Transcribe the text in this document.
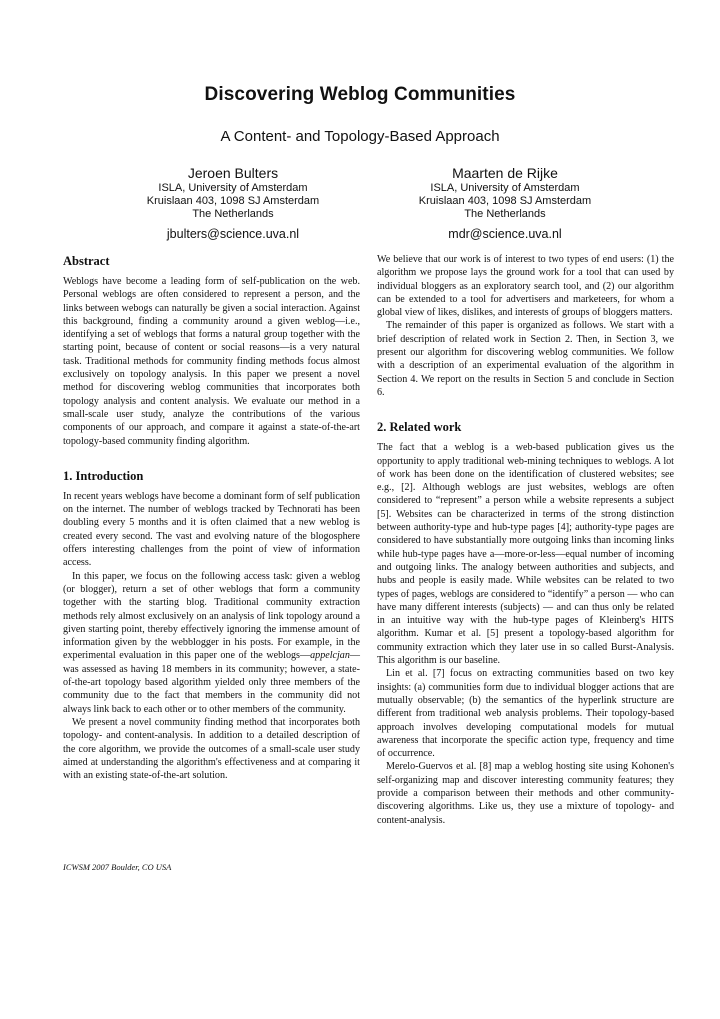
Discovering Weblog Communities
A Content- and Topology-Based Approach
Jeroen Bulters
ISLA, University of Amsterdam
Kruislaan 403, 1098 SJ Amsterdam
The Netherlands
jbulters@science.uva.nl
Maarten de Rijke
ISLA, University of Amsterdam
Kruislaan 403, 1098 SJ Amsterdam
The Netherlands
mdr@science.uva.nl
Abstract

Weblogs have become a leading form of self-publication on the web. Personal weblogs are often considered to represent a person, and the links between webogs can naturally be given a social interaction. Against this background, finding a community around a given weblog—i.e., identifying a set of weblogs that forms a natural group together with the starting point, because of content or social reasons—is a very natural task. Traditional methods for community finding methods focus almost exclusively on topology analysis. In this paper we present a novel method for discovering weblog communities that incorporates both topology analysis and content analysis. We evaluate our method in a small-scale user study, analyze the contributions of the various components of our approach, and compare it against a state-of-the-art topology-based community finding algorithm.

1. Introduction

In recent years weblogs have become a dominant form of self publication on the internet. The number of weblogs tracked by Technorati has been doubling every 5 months and it is often claimed that a new weblog is created every second. The vast and evolving nature of the blogosphere offers interesting challenges from the point of view of information access.

In this paper, we focus on the following access task: given a weblog (or blogger), return a set of other weblogs that form a community together with the starting blog. Traditional community extraction methods rely almost exclusively on an analysis of link topology around a given starting point, thereby effectively ignoring the immense amount of information given by the webblogger in his posts. For example, in the experimental evaluation in this paper one of the weblogs—appelcjan—was assessed as having 18 members in its community; however, a state-of-the-art topology based algorithm yielded only three members of the community due to the fact that members in the community did not always link back to each other or to other members of the community.

We present a novel community finding method that incorporates both topology- and content-analysis. In addition to a detailed description of the core algorithm, we provide the outcomes of a small-scale user study aimed at understanding the algorithm's effectiveness and at comparing it with an existing state-of-the-art solution.

We believe that our work is of interest to two types of end users: (1) the algorithm we propose lays the ground work for a tool that can used by individual bloggers as an exploratory search tool, and (2) our algorithm can be extended to a tool for advertisers and marketeers, for whom a global view of likes, dislikes, and interests of groups of bloggers matters.

The remainder of this paper is organized as follows. We start with a brief description of related work in Section 2. Then, in Section 3, we present our algorithm for discovering weblog communities. We follow with a description of an experimental evaluation of the algorithm in Section 4. We report on the results in Section 5 and conclude in Section 6.

2. Related work

The fact that a weblog is a web-based publication gives us the opportunity to apply traditional web-mining techniques to weblogs. A lot of work has been done on the identification of clustered websites; see e.g., [2]. Although weblogs are just websites, weblogs are often considered to “represent” a person while a website represents a subject [5]. Websites can be characterized in terms of the strong distinction between authority-type and hub-type pages [4]; authority-type pages are considered to have substantially more outgoing links than incoming links while hub-type pages have a—more-or-less—equal number of incoming and outgoing links. The analogy between authorities and subjects, and hubs and people is easily made. While websites can be related to two types of pages, weblogs are considered to “identify” a person — who can have many different interests (subjects) — and can thus only be related in an intuitive way with the hub-type pages of Kleinberg's HITS algorithm. Kumar et al. [5] present a topology-based algorithm for community extraction which they later use in so called Burst-Analysis. This algorithm is our baseline.

Lin et al. [7] focus on extracting communities based on two key insights: (a) communities form due to individual blogger actions that are mutually observable; (b) the semantics of the hyperlink structure are different from traditional web analysis problems. Their topology-based approach involves developing computational models for mutual awareness that incorporate the specific action type, frequency and time of occurrence.

Merelo-Guervos et al. [8] map a weblog hosting site using Kohonen's self-organizing map and discover interesting community features; they provide a comparison between their methods and other community-discovering algorithms. Like us, they use a mixture of topology- and content-analysis.

ICWSM 2007 Boulder, CO USA
